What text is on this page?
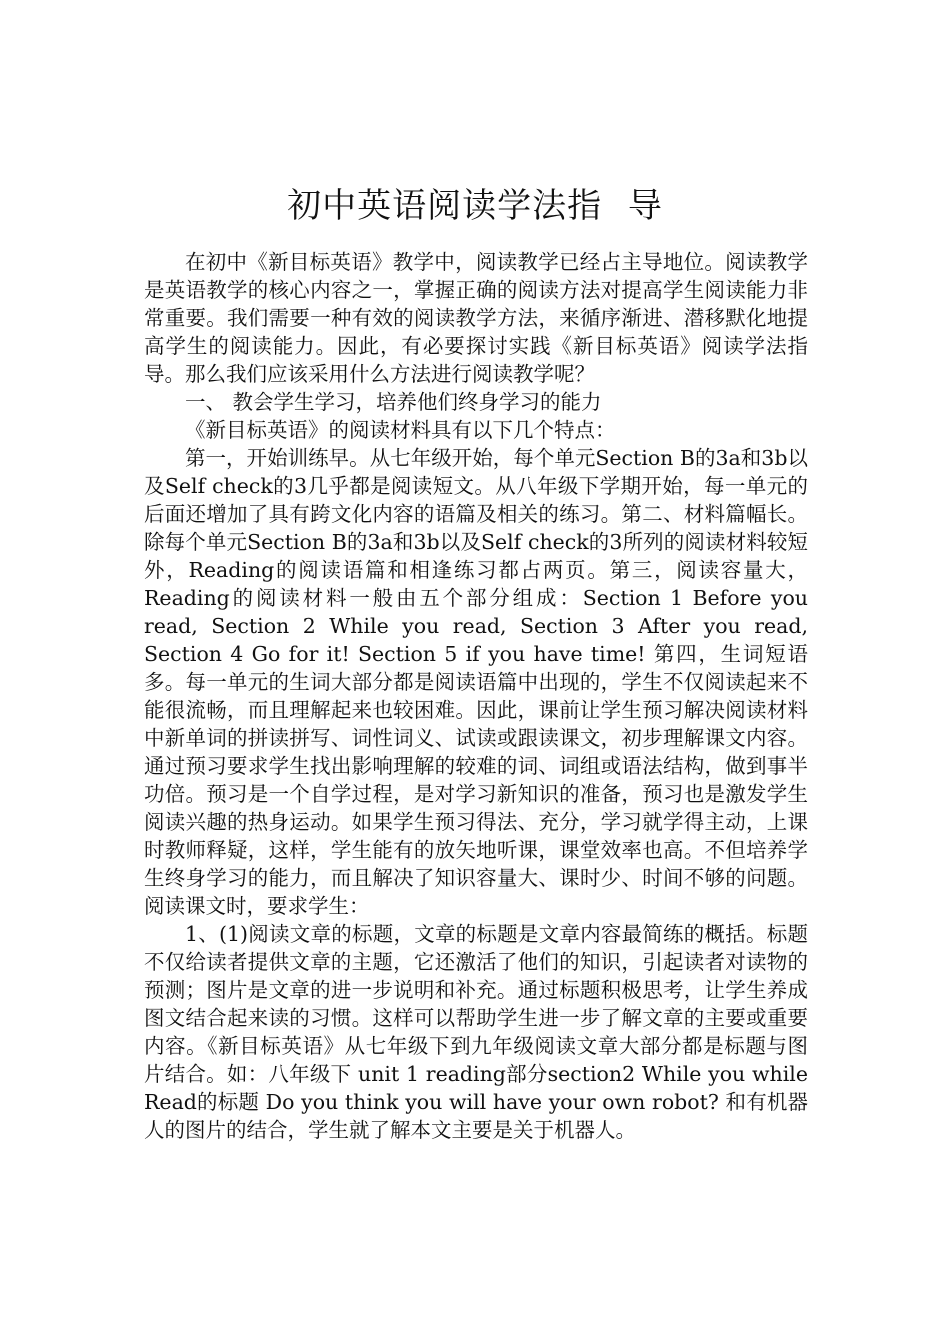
初中英语阅读学法指 导

在初中《新目标英语》教学中，阅读教学已经占主导地位。阅读教学是英语教学的核心内容之一，掌握正确的阅读方法对提高学生阅读能力非常重要。我们需要一种有效的阅读教学方法，来循序渐进、潜移默化地提高学生的阅读能力。因此，有必要探讨实践《新目标英语》阅读学法指导。那么我们应该采用什么方法进行阅读教学呢？

一、 教会学生学习，培养他们终身学习的能力

《新目标英语》的阅读材料具有以下几个特点：

第一，开始训练早。从七年级开始，每个单元Section B的3a和3b以及Self check的3几乎都是阅读短文。从八年级下学期开始，每一单元的后面还增加了具有跨文化内容的语篇及相关的练习。第二、材料篇幅长。除每个单元Section B的3a和3b以及Self check的3所列的阅读材料较短外，Reading的阅读语篇和相逢练习都占两页。第三，阅读容量大，Reading的阅读材料一般由五个部分组成：Section 1 Before you read, Section 2 While you read, Section 3 After you read, Section 4 Go for it! Section 5 if you have time! 第四，生词短语多。每一单元的生词大部分都是阅读语篇中出现的，学生不仅阅读起来不能很流畅，而且理解起来也较困难。因此，课前让学生预习解决阅读材料中新单词的拼读拼写、词性词义、试读或跟读课文，初步理解课文内容。通过预习要求学生找出影响理解的较难的词、词组或语法结构，做到事半功倍。预习是一个自学过程，是对学习新知识的准备，预习也是激发学生阅读兴趣的热身运动。如果学生预习得法、充分，学习就学得主动，上课时教师释疑，这样，学生能有的放矢地听课，课堂效率也高。不但培养学生终身学习的能力，而且解决了知识容量大、课时少、时间不够的问题。阅读课文时，要求学生：

1、(1)阅读文章的标题，文章的标题是文章内容最简练的概括。标题不仅给读者提供文章的主题，它还激活了他们的知识，引起读者对读物的预测；图片是文章的进一步说明和补充。通过标题积极思考，让学生养成图文结合起来读的习惯。这样可以帮助学生进一步了解文章的主要或重要内容。《新目标英语》从七年级下到九年级阅读文章大部分都是标题与图片结合。如：八年级下 unit 1 reading部分section2 While you while Read的标题 Do you think you will have your own robot? 和有机器人的图片的结合，学生就了解本文主要是关于机器人。
